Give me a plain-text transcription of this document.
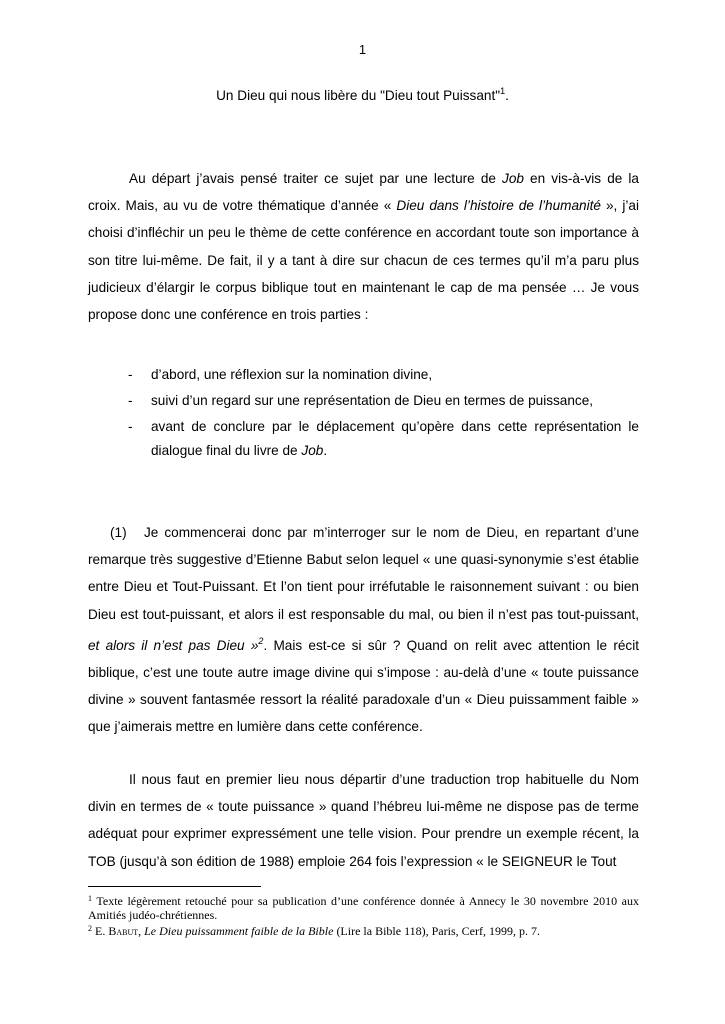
1
Un Dieu qui nous libère du "Dieu tout Puissant"$^1$.

Au départ j’avais pensé traiter ce sujet par une lecture de Job en vis-à-vis de la croix. Mais, au vu de votre thématique d’année « Dieu dans l’histoire de l’humanité », j’ai choisi d’infléchir un peu le thème de cette conférence en accordant toute son importance à son titre lui-même. De fait, il y a tant à dire sur chacun de ces termes qu’il m’a paru plus judicieux d’élargir le corpus biblique tout en maintenant le cap de ma pensée … Je vous propose donc une conférence en trois parties :

-	d’abord, une réflexion sur la nomination divine,
-	suivi d’un regard sur une représentation de Dieu en termes de puissance,
-	avant de conclure par le déplacement qu’opère dans cette représentation le dialogue final du livre de Job.

(1) Je commencerai donc par m’interroger sur le nom de Dieu, en repartant d’une remarque très suggestive d’Etienne Babut selon lequel « une quasi-synonymie s’est établie entre Dieu et Tout-Puissant. Et l’on tient pour irréfutable le raisonnement suivant : ou bien Dieu est tout-puissant, et alors il est responsable du mal, ou bien il n’est pas tout-puissant, et alors il n’est pas Dieu »$^2$. Mais est-ce si sûr ? Quand on relit avec attention le récit biblique, c’est une toute autre image divine qui s’impose : au-delà d’une « toute puissance divine » souvent fantasmée ressort la réalité paradoxale d’un « Dieu puissamment faible » que j’aimerais mettre en lumière dans cette conférence.

Il nous faut en premier lieu nous départir d’une traduction trop habituelle du Nom divin en termes de « toute puissance » quand l’hébreu lui-même ne dispose pas de terme adéquat pour exprimer expressément une telle vision. Pour prendre un exemple récent, la TOB (jusqu’à son édition de 1988) emploie 264 fois l’expression « le SEIGNEUR le Tout

$^1$ Texte légèrement retouché pour sa publication d’une conférence donnée à Annecy le 30 novembre 2010 aux Amitiés judéo-chrétiennes.

$^2$ E. Babut, Le Dieu puissamment faible de la Bible (Lire la Bible 118), Paris, Cerf, 1999, p. 7.
